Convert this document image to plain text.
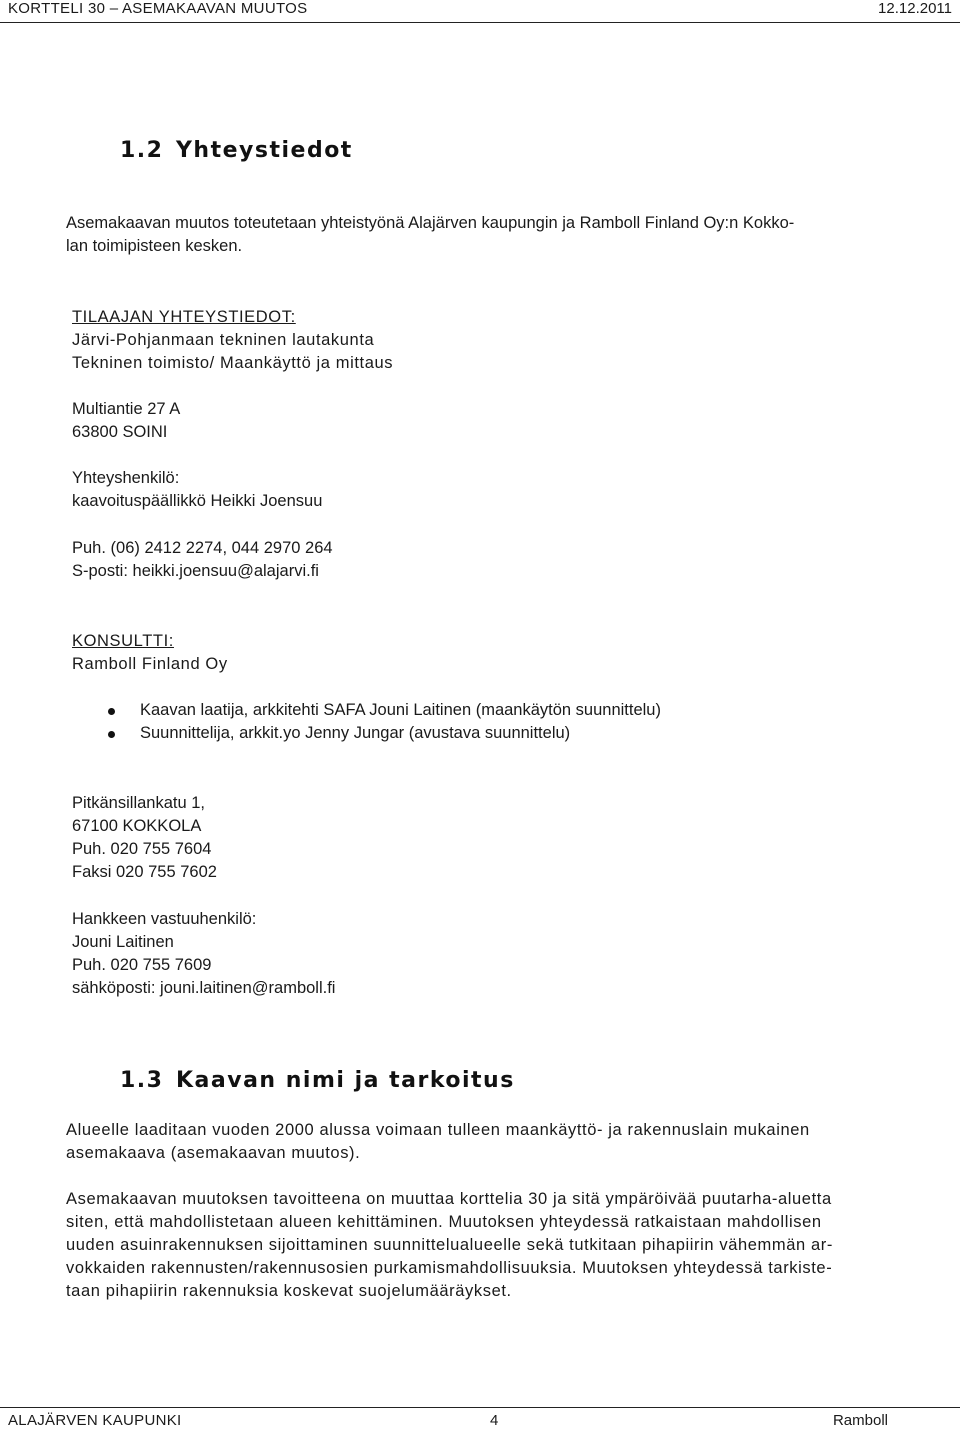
KORTTELI 30 – ASEMAKAAVAN MUUTOS	12.12.2011
1.2 Yhteystiedot
Asemakaavan muutos toteutetaan yhteistyönä Alajärven kaupungin ja Ramboll Finland Oy:n Kokko-
lan toimipisteen kesken.
TILAAJAN YHTEYSTIEDOT:
Järvi-Pohjanmaan tekninen lautakunta
Tekninen toimisto/ Maankäyttö ja mittaus
Multiantie 27 A
63800 SOINI
Yhteyshenkilö:
kaavoituspäällikkö Heikki Joensuu
Puh. (06) 2412 2274, 044 2970 264
S-posti: heikki.joensuu@alajarvi.fi
KONSULTTI:
Ramboll Finland Oy
Kaavan laatija, arkkitehti SAFA Jouni Laitinen (maankäytön suunnittelu)
Suunnittelija, arkkit.yo Jenny Jungar (avustava suunnittelu)
Pitkänsillankatu 1,
67100 KOKKOLA
Puh. 020 755 7604
Faksi 020 755 7602
Hankkeen vastuuhenkilö:
Jouni Laitinen
Puh. 020 755 7609
sähköposti: jouni.laitinen@ramboll.fi
1.3 Kaavan nimi ja tarkoitus
Alueelle laaditaan vuoden 2000 alussa voimaan tulleen maankäyttö- ja rakennuslain mukainen
asemakaava (asemakaavan muutos).
Asemakaavan muutoksen tavoitteena on muuttaa korttelia 30 ja sitä ympäröivää puutarha-aluetta
siten, että mahdollistetaan alueen kehittäminen. Muutoksen yhteydessä ratkaistaan mahdollisen
uuden asuinrakennuksen sijoittaminen suunnittelualueelle sekä tutkitaan pihapiirin vähemmän ar-
vokkaiden rakennusten/rakennusosien purkamismahdollisuuksia. Muutoksen yhteydessä tarkiste-
taan pihapiirin rakennuksia koskevat suojelumääräykset.
ALAJÄRVEN KAUPUNKI	4	Ramboll
